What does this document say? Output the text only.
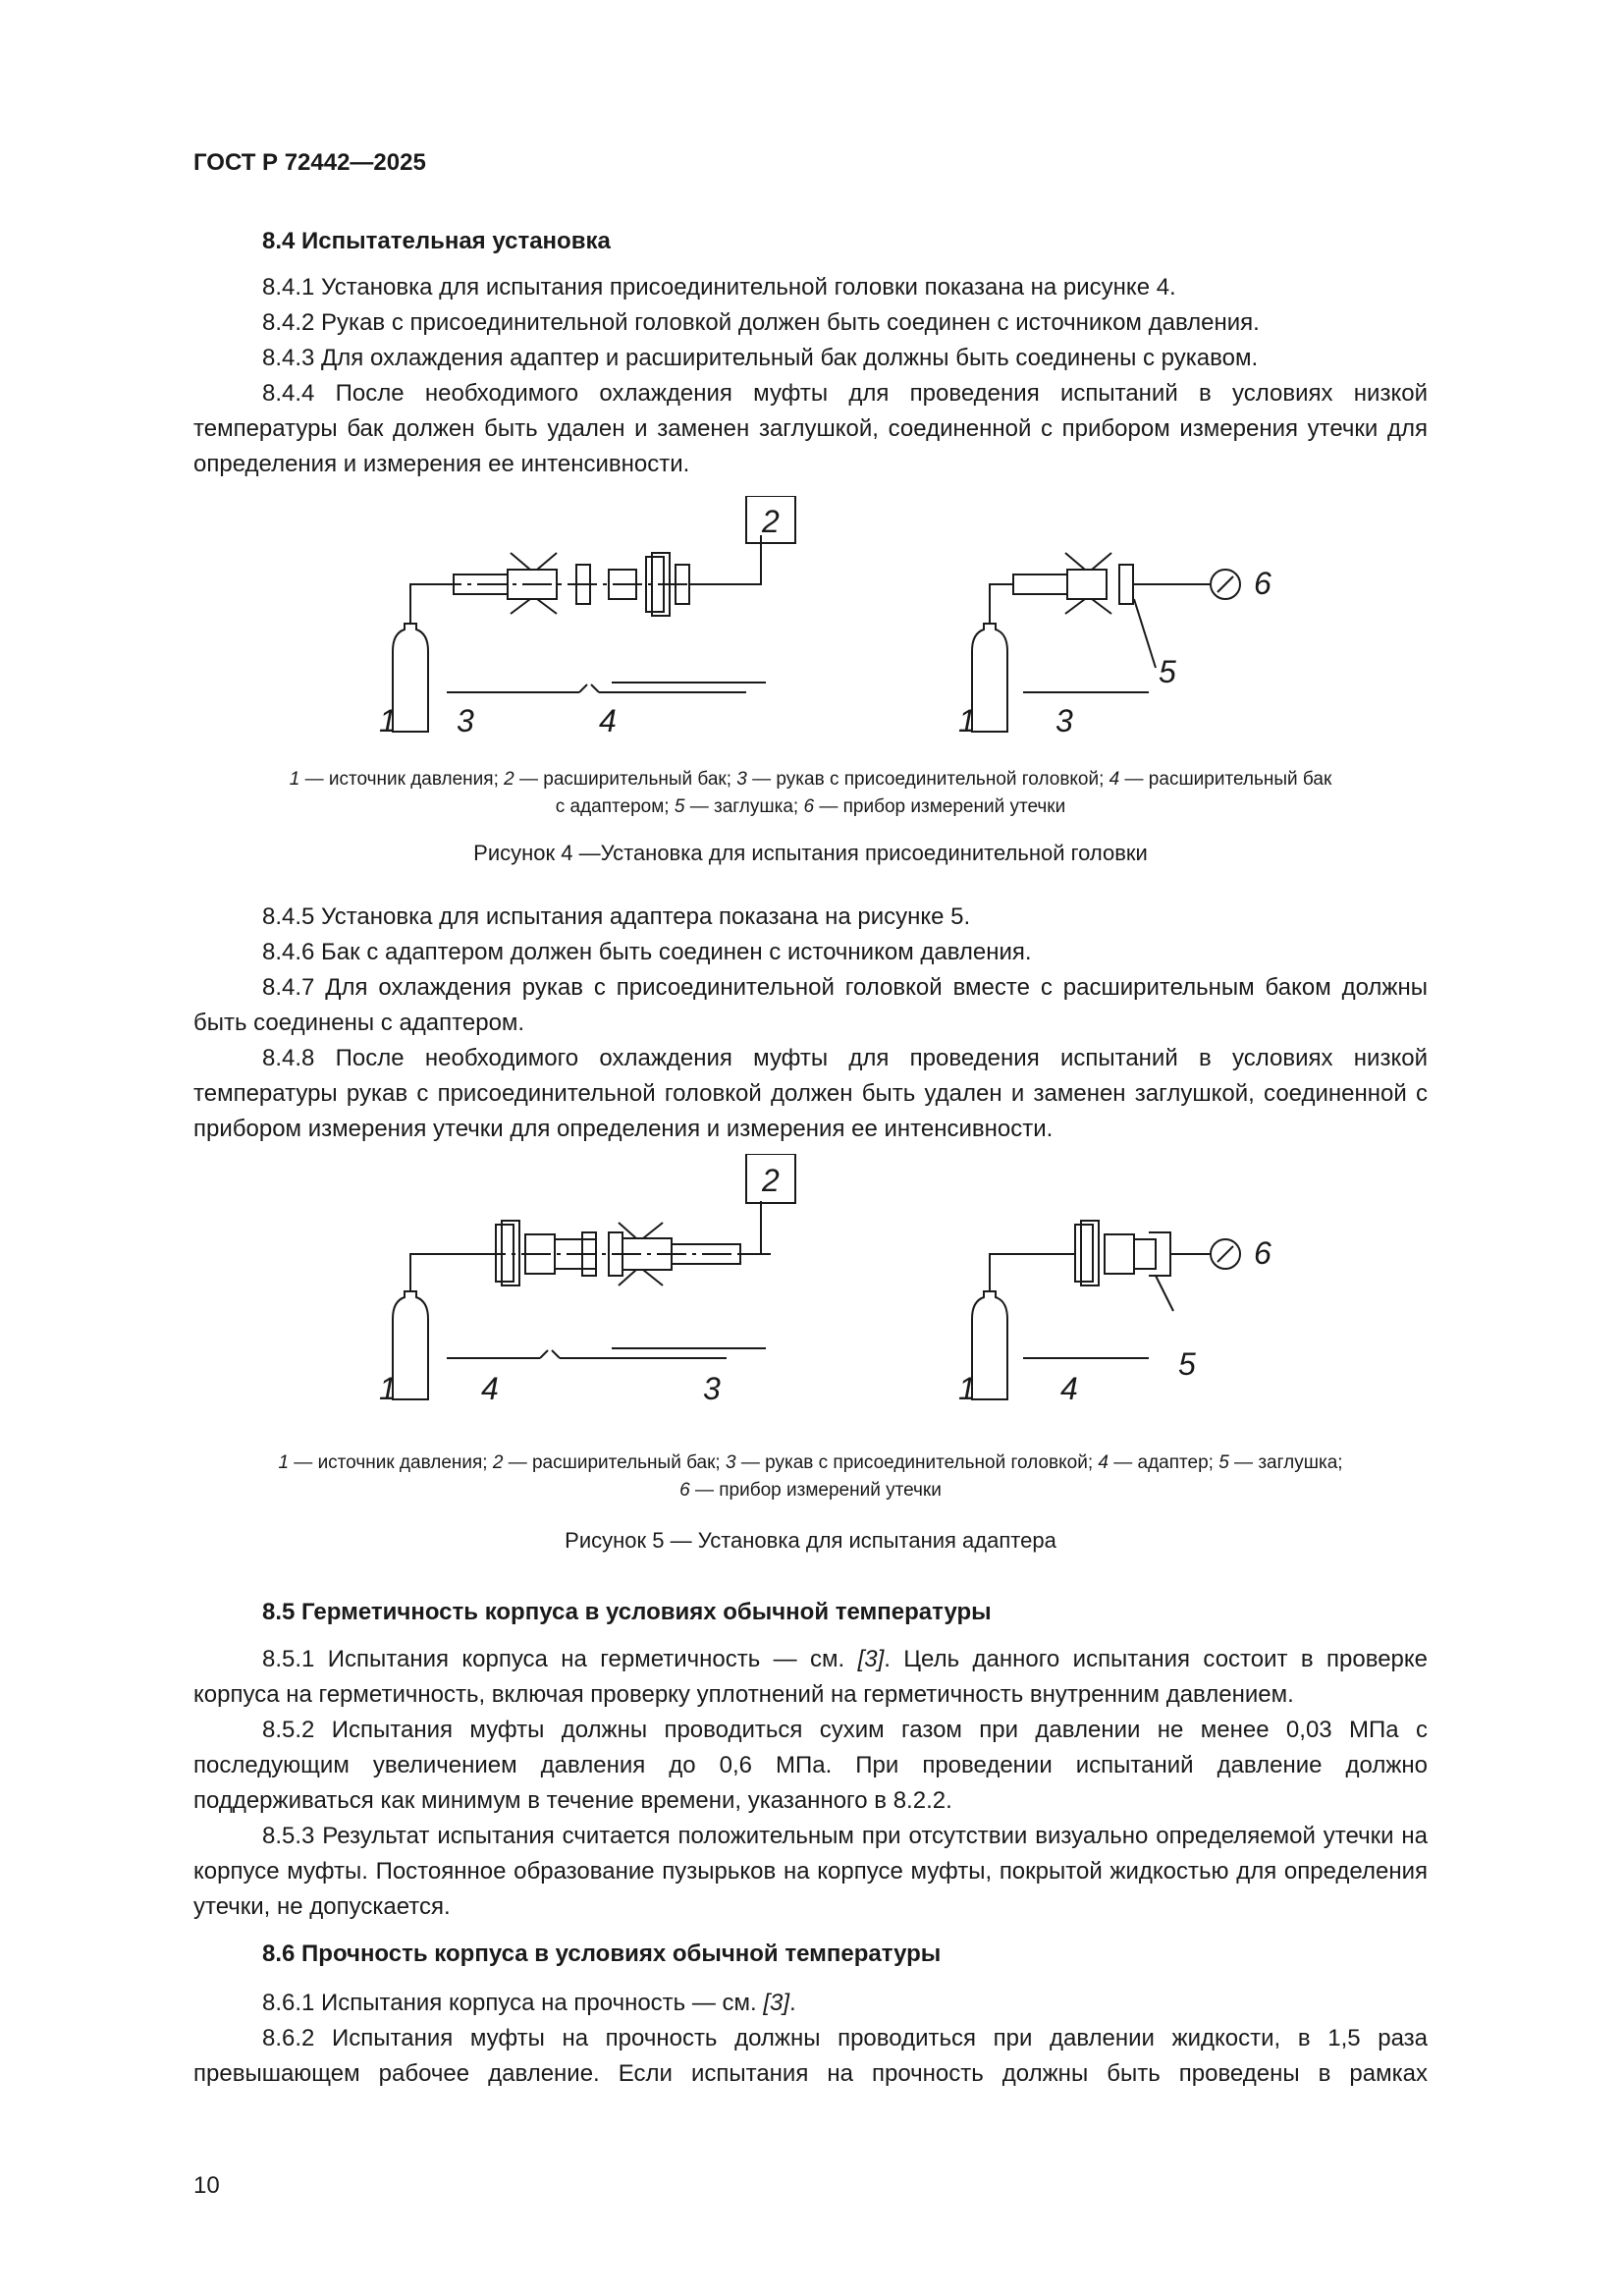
ГОСТ Р 72442—2025
8.4 Испытательная установка

8.4.1 Установка для испытания присоединительной головки показана на рисунке 4.

8.4.2 Рукав с присоединительной головкой должен быть соединен с источником давления.

8.4.3 Для охлаждения адаптер и расширительный бак должны быть соединены с рукавом.

8.4.4 После необходимого охлаждения муфты для проведения испытаний в условиях низкой температуры бак должен быть удален и заменен заглушкой, соединенной с прибором измерения утечки для определения и измерения ее интенсивности.

1 3	4
2
1	3
5
6
1 — источник давления; 2 — расширительный бак; 3 — рукав с присоединительной головкой; 4 — расширительный бак
с адаптером; 5 — заглушка; 6 — прибор измерений утечки
Рисунок 4 —Установка для испытания присоединительной головки

8.4.5 Установка для испытания адаптера показана на рисунке 5.

8.4.6 Бак с адаптером должен быть соединен с источником давления.

8.4.7 Для охлаждения рукав с присоединительной головкой вместе с расширительным баком должны быть соединены с адаптером.

8.4.8 После необходимого охлаждения муфты для проведения испытаний в условиях низкой температуры рукав с присоединительной головкой должен быть удален и заменен заглушкой, соединенной с прибором измерения утечки для определения и измерения ее интенсивности.

1	4	3
2
1	4
5
6
1 — источник давления; 2 — расширительный бак; 3 — рукав с присоединительной головкой; 4 — адаптер; 5 — заглушка;
6 — прибор измерений утечки
Рисунок 5 — Установка для испытания адаптера
8.5 Герметичность корпуса в условиях обычной температуры

8.5.1 Испытания корпуса на герметичность — см. [3]. Цель данного испытания состоит в проверке корпуса на герметичность, включая проверку уплотнений на герметичность внутренним давлением.

8.5.2 Испытания муфты должны проводиться сухим газом при давлении не менее 0,03 МПа с последующим увеличением давления до 0,6 МПа. При проведении испытаний давление должно поддерживаться как минимум в течение времени, указанного в 8.2.2.

8.5.3 Результат испытания считается положительным при отсутствии визуально определяемой утечки на корпусе муфты. Постоянное образование пузырьков на корпусе муфты, покрытой жидкостью для определения утечки, не допускается.

8.6 Прочность корпуса в условиях обычной температуры

8.6.1 Испытания корпуса на прочность — см. [3].

8.6.2 Испытания муфты на прочность должны проводиться при давлении жидкости, в 1,5 раза превышающем рабочее давление. Если испытания на прочность должны быть проведены в рамках

10
